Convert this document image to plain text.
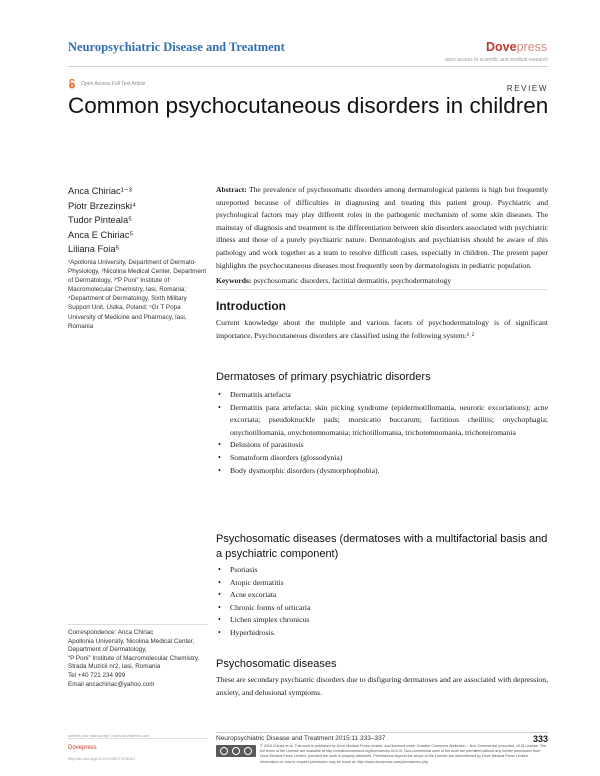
Neuropsychiatric Disease and Treatment	Dovepress
open access to scientific and medical research
Open Access Full Text Article	REVIEW
Common psychocutaneous disorders in children
Anca Chiriac¹⁻³
Piotr Brzezinski⁴
Tudor Pinteala⁵
Anca E Chiriac⁵
Liliana Foia⁵
¹Apollonia University, Department of Dermato-Physiology, ²Nicolina Medical Center, Department of Dermatology, ³“P Poni” Institute of Macromolecular Chemistry, Iasi, Romania; ⁴Department of Dermatology, Sixth Military Support Unit, Ustka, Poland; ⁵Gr T Popa University of Medicine and Pharmacy, Iasi, Romania
Abstract: The prevalence of psychosomatic disorders among dermatological patients is high but frequently unreported because of difficulties in diagnosing and treating this patient group. Psychiatric and psychological factors may play different roles in the pathogenic mechanism of some skin diseases. The mainstay of diagnosis and treatment is the differentiation between skin disorders associated with psychiatric illness and those of a purely psychiatric nature. Dermatologists and psychiatrists should be aware of this pathology and work together as a team to resolve difficult cases, especially in children. The present paper highlights the psychocutaneous diseases most frequently seen by dermatologists in pediatric population.
Keywords: psychosomatic disorders, factitial dermatitis, psychodermatology
Introduction
Current knowledge about the multiple and various facets of psychodermatology is of significant importance. Psychocutaneous disorders are classified using the following system:¹˒²
Dermatoses of primary psychiatric disorders
• Dermatitis artefacta
• Dermatitis para artefacta: skin picking syndrome (epidermotillomania, neurotic excoriations); acne excoriata; pseudoknuckle pads; morsicatio buccarum; factitious cheilitis; onychophagia; onychotillomania, onychotemnomania; trichotillomania, trichotemnomania, trichoteiromania
• Delusions of parasitosis
• Somatoform disorders (glossodynia)
• Body dysmorphic disorders (dysmorphophobia).
Psychosomatic diseases (dermatoses with a multifactorial basis and a psychiatric component)
• Psoriasis
• Atopic dermatitis
• Acne excoriata
• Chronic forms of urticaria
• Lichen simplex chronicus
• Hyperhidrosis.
Psychosomatic diseases
These are secondary psychiatric disorders due to disfiguring dermatoses and are associated with depression, anxiety, and delusional symptoms.
Correspondence: Anca Chiriac
Apollonia University, Nicolina Medical Center, Department of Dermatology,
“P Poni” Institute of Macromolecular Chemistry, Strada Muzicii nr2, Iasi, Romania
Tel +40 721 234 999
Email ancachiriac@yahoo.com
submit your manuscript | www.dovepress.com
Dovepress
http://dx.doi.org/10.2147/NDT.S76012
Neuropsychiatric Disease and Treatment 2015:11 333–337	333
© 2015 Chiriac et al. This work is published by Dove Medical Press Limited, and licensed under Creative Commons Attribution – Non Commercial (unported, v3.0) License. The full terms of the License are available at http://creativecommons.org/licenses/by-nc/3.0/. Non-commercial uses of the work are permitted without any further permission from Dove Medical Press Limited, provided the work is properly attributed. Permissions beyond the scope of the License are administered by Dove Medical Press Limited. Information on how to request permission may be found at: http://www.dovepress.com/permissions.php
